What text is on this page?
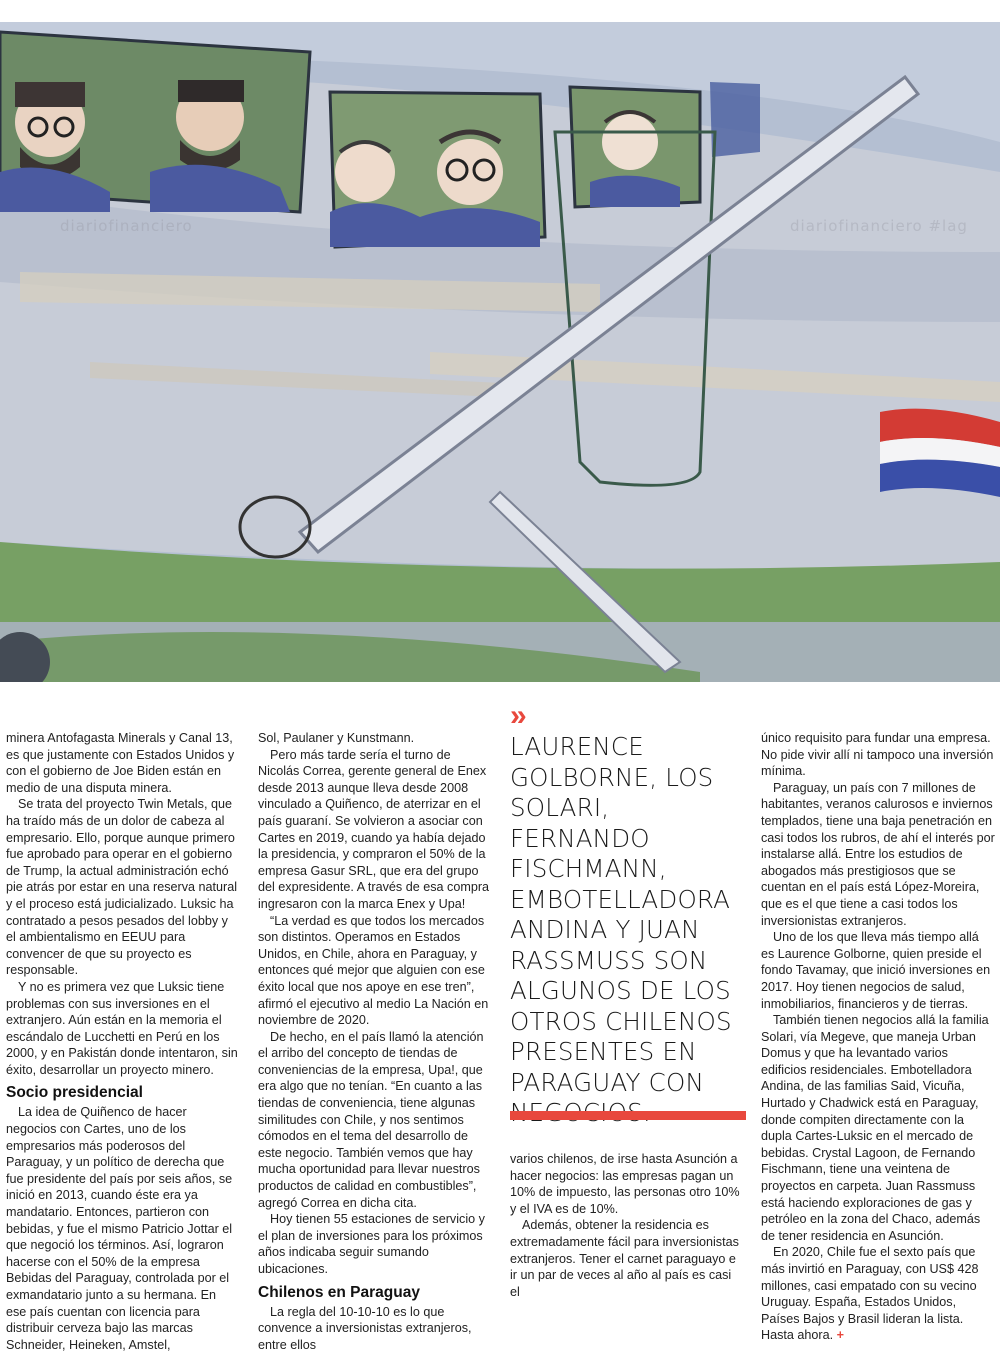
diariofinanciero	diariofinanciero #lag

minera Antofagasta Minerals y Canal 13, es que justamente con Estados Unidos y con el gobierno de Joe Biden están en medio de una disputa minera.

Se trata del proyecto Twin Metals, que ha traído más de un dolor de cabeza al empresario. Ello, porque aunque primero fue aprobado para operar en el gobierno de Trump, la actual administración echó pie atrás por estar en una reserva natural y el proceso está judicializado. Luksic ha contratado a pesos pesados del lobby y el ambientalismo en EEUU para convencer de que su proyecto es responsable.

Y no es primera vez que Luksic tiene problemas con sus inversiones en el extranjero. Aún están en la memoria el escándalo de Lucchetti en Perú en los 2000, y en Pakistán donde intentaron, sin éxito, desarrollar un proyecto minero.

Socio presidencial

La idea de Quiñenco de hacer negocios con Cartes, uno de los empresarios más poderosos del Paraguay, y un político de derecha que fue presidente del país por seis años, se inició en 2013, cuando éste era ya mandatario. Entonces, partieron con bebidas, y fue el mismo Patricio Jottar el que negoció los términos. Así, lograron hacerse con el 50% de la empresa Bebidas del Paraguay, controlada por el exmandatario junto a su hermana. En ese país cuentan con licencia para distribuir cerveza bajo las marcas Schneider, Heineken, Amstel,

Sol, Paulaner y Kunstmann.

Pero más tarde sería el turno de Nicolás Correa, gerente general de Enex desde 2013 aunque lleva desde 2008 vinculado a Quiñenco, de aterrizar en el país guaraní. Se volvieron a asociar con Cartes en 2019, cuando ya había dejado la presidencia, y compraron el 50% de la empresa Gasur SRL, que era del grupo del expresidente. A través de esa compra ingresaron con la marca Enex y Upa!

“La verdad es que todos los mercados son distintos. Operamos en Estados Unidos, en Chile, ahora en Paraguay, y entonces qué mejor que alguien con ese éxito local que nos apoye en ese tren”, afirmó el ejecutivo al medio La Nación en noviembre de 2020.

De hecho, en el país llamó la atención el arribo del concepto de tiendas de conveniencias de la empresa, Upa!, que era algo que no tenían. “En cuanto a las tiendas de conveniencia, tiene algunas similitudes con Chile, y nos sentimos cómodos en el tema del desarrollo de este negocio. También vemos que hay mucha oportunidad para llevar nuestros productos de calidad en combustibles”, agregó Correa en dicha cita.

Hoy tienen 55 estaciones de servicio y el plan de inversiones para los próximos años indicaba seguir sumando ubicaciones.

Chilenos en Paraguay

La regla del 10-10-10 es lo que convence a inversionistas extranjeros, entre ellos

»

LAURENCE GOLBORNE, LOS SOLARI, FERNANDO FISCHMANN, EMBOTELLADORA ANDINA Y JUAN RASSMUSS SON ALGUNOS DE LOS OTROS CHILENOS PRESENTES EN PARAGUAY CON

varios chilenos, de irse hasta Asunción a hacer negocios: las empresas pagan un 10% de impuesto, las personas otro 10% y el IVA es de 10%.

Además, obtener la residencia es extremadamente fácil para inversionistas extranjeros. Tener el carnet paraguayo e ir un par de veces al año al país es casi el

único requisito para fundar una empresa. No pide vivir allí ni tampoco una inversión mínima.

Paraguay, un país con 7 millones de habitantes, veranos calurosos e inviernos templados, tiene una baja penetración en casi todos los rubros, de ahí el interés por instalarse allá. Entre los estudios de abogados más prestigiosos que se cuentan en el país está López-Moreira, que es el que tiene a casi todos los inversionistas extranjeros.

Uno de los que lleva más tiempo allá es Laurence Golborne, quien preside el fondo Tavamay, que inició inversiones en 2017. Hoy tienen negocios de salud, inmobiliarios, financieros y de tierras.

También tienen negocios allá la familia Solari, vía Megeve, que maneja Urban Domus y que ha levantado varios edificios residenciales. Embotelladora Andina, de las familias Said, Vicuña, Hurtado y Chadwick está en Paraguay, donde compiten directamente con la dupla Cartes-Luksic en el mercado de bebidas. Crystal Lagoon, de Fernando Fischmann, tiene una veintena de proyectos en carpeta. Juan Rassmuss está haciendo exploraciones de gas y petróleo en la zona del Chaco, además de tener residencia en Asunción.

En 2020, Chile fue el sexto país que más invirtió en Paraguay, con US$ 428 millones, casi empatado con su vecino Uruguay. España, Estados Unidos, Países Bajos y Brasil lideran la lista. Hasta ahora. +
